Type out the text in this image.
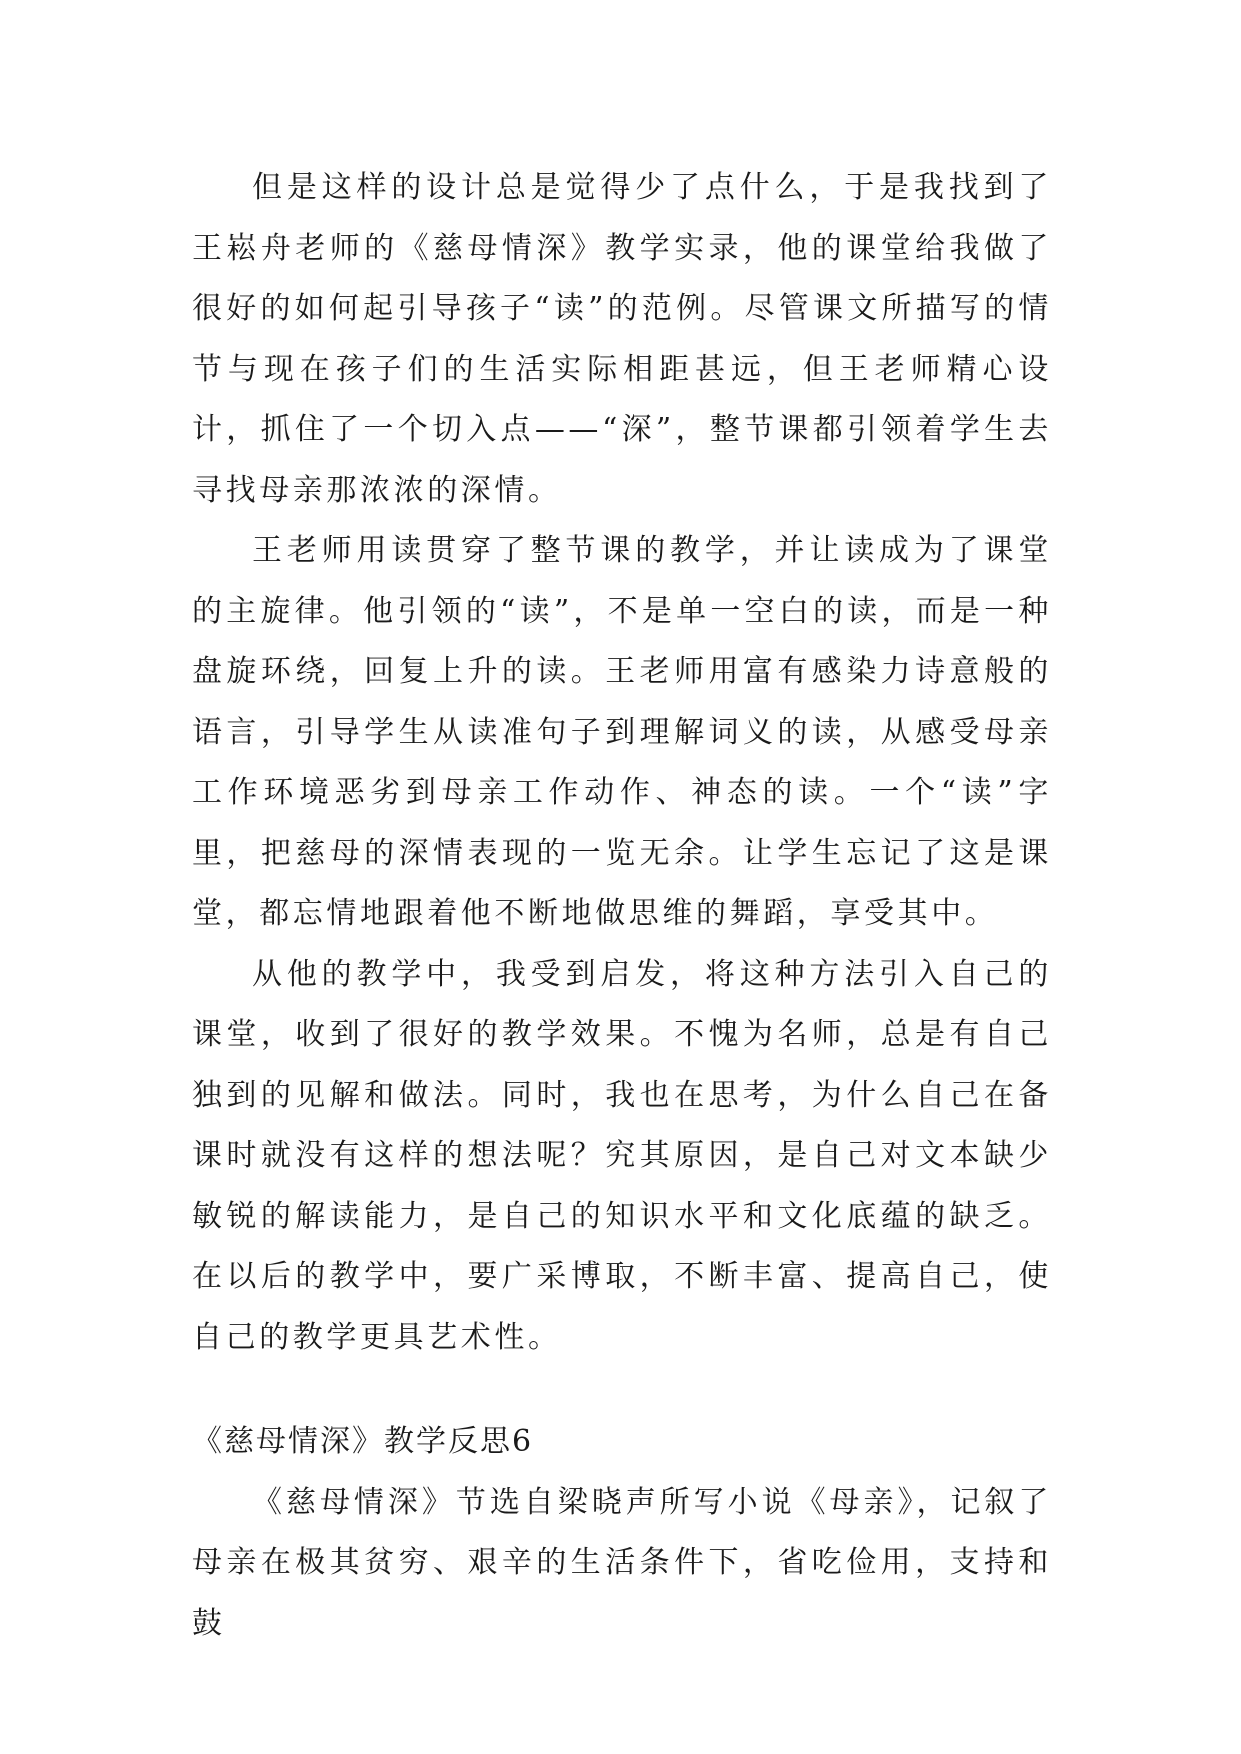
但是这样的设计总是觉得少了点什么，于是我找到了王崧舟老师的《慈母情深》教学实录，他的课堂给我做了很好的如何起引导孩子“读”的范例。尽管课文所描写的情节与现在孩子们的生活实际相距甚远，但王老师精心设计，抓住了一个切入点——“深”，整节课都引领着学生去寻找母亲那浓浓的深情。

王老师用读贯穿了整节课的教学，并让读成为了课堂的主旋律。他引领的“读”，不是单一空白的读，而是一种盘旋环绕，回复上升的读。王老师用富有感染力诗意般的语言，引导学生从读准句子到理解词义的读，从感受母亲工作环境恶劣到母亲工作动作、神态的读。一个“读”字里，把慈母的深情表现的一览无余。让学生忘记了这是课堂，都忘情地跟着他不断地做思维的舞蹈，享受其中。

从他的教学中，我受到启发，将这种方法引入自己的课堂，收到了很好的教学效果。不愧为名师，总是有自己独到的见解和做法。同时，我也在思考，为什么自己在备课时就没有这样的想法呢？究其原因，是自己对文本缺少敏锐的解读能力，是自己的知识水平和文化底蕴的缺乏。在以后的教学中，要广采博取，不断丰富、提高自己，使自己的教学更具艺术性。

《慈母情深》教学反思6

《慈母情深》节选自梁晓声所写小说《母亲》，记叙了母亲在极其贫穷、艰辛的生活条件下，省吃俭用，支持和鼓
